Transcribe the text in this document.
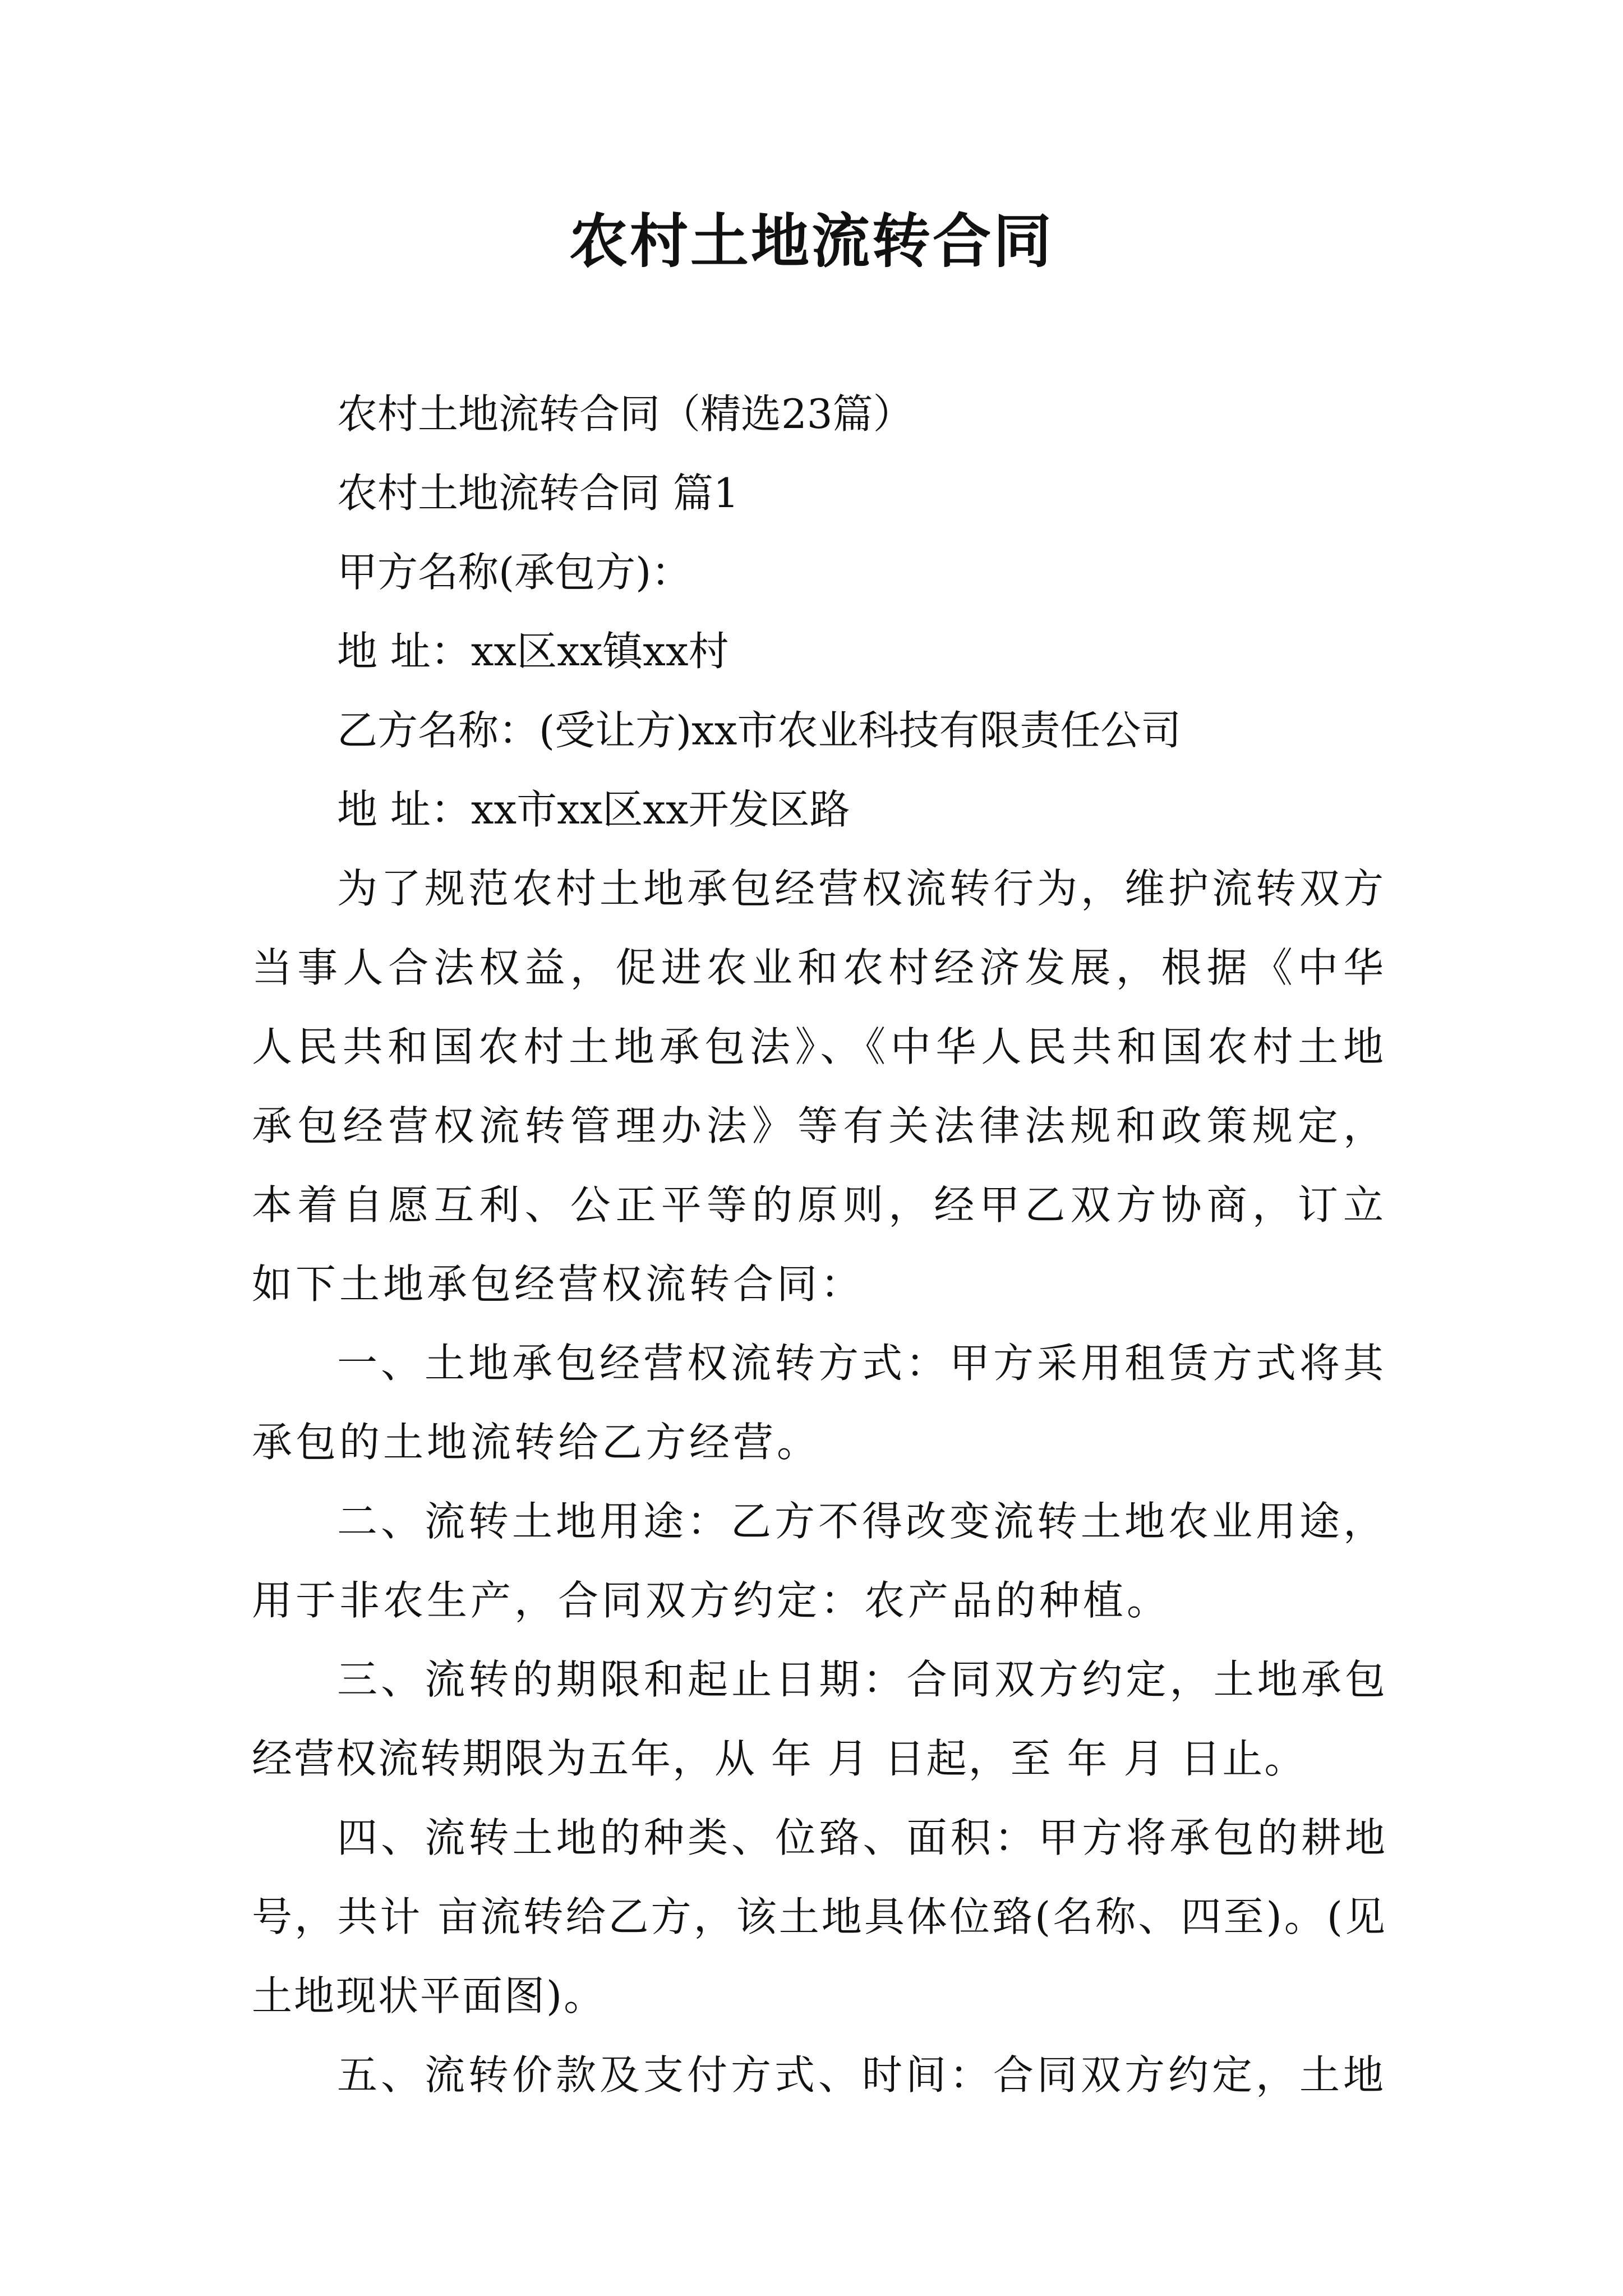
农村土地流转合同
农村土地流转合同（精选23篇）
农村土地流转合同 篇1
甲方名称(承包方)：
地 址：xx区xx镇xx村
乙方名称：(受让方)xx市农业科技有限责任公司
地 址：xx市xx区xx开发区路

为了规范农村土地承包经营权流转行为，维护流转双方当事人合法权益，促进农业和农村经济发展，根据《中华人民共和国农村土地承包法》、《中华人民共和国农村土地承包经营权流转管理办法》等有关法律法规和政策规定，本着自愿互利、公正平等的原则，经甲乙双方协商，订立如下土地承包经营权流转合同：

一、土地承包经营权流转方式：甲方采用租赁方式将其承包的土地流转给乙方经营。

二、流转土地用途：乙方不得改变流转土地农业用途，用于非农生产，合同双方约定：农产品的种植。

三、流转的期限和起止日期：合同双方约定，土地承包经营权流转期限为五年，从 年 月 日起，至 年 月 日止。

四、流转土地的种类、位臵、面积：甲方将承包的耕地号，共计 亩流转给乙方，该土地具体位臵(名称、四至)。(见土地现状平面图)。

五、流转价款及支付方式、时间：合同双方约定，土地
